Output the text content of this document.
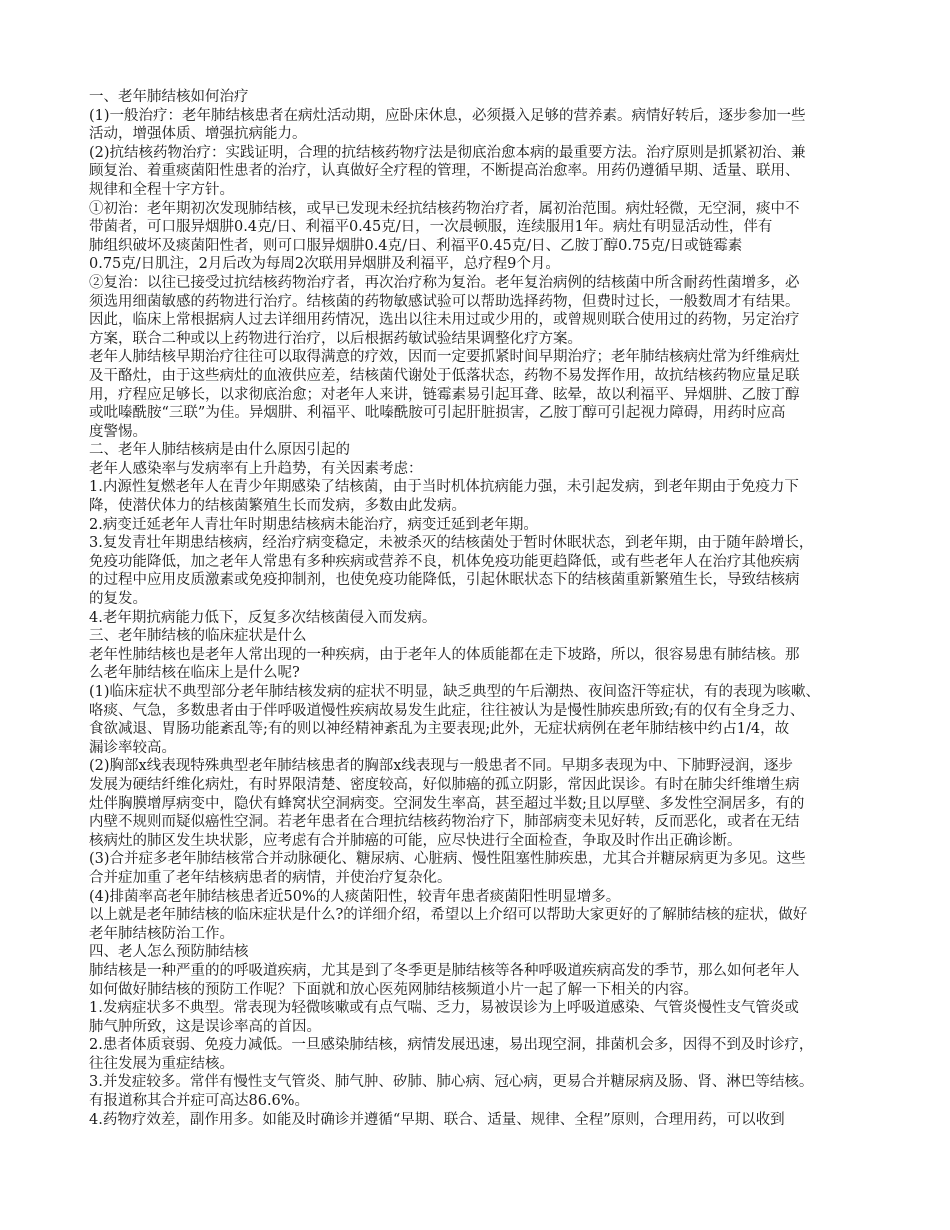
一、老年肺结核如何治疗
(1)一般治疗：老年肺结核患者在病灶活动期，应卧床休息，必须摄入足够的营养素。病情好转后，逐步参加一些
活动，增强体质、增强抗病能力。
(2)抗结核药物治疗：实践证明，合理的抗结核药物疗法是彻底治愈本病的最重要方法。治疗原则是抓紧初治、兼
顾复治、着重痰菌阳性患者的治疗，认真做好全疗程的管理，不断提高治愈率。用药仍遵循早期、适量、联用、
规律和全程十字方针。
①初治：老年期初次发现肺结核，或早已发现未经抗结核药物治疗者，属初治范围。病灶轻微，无空洞，痰中不
带菌者，可口服异烟肼0.4克/日、利福平0.45克/日，一次晨顿服，连续服用1年。病灶有明显活动性，伴有
肺组织破坏及痰菌阳性者，则可口服异烟肼0.4克/日、利福平0.45克/日、乙胺丁醇0.75克/日或链霉素
0.75克/日肌注，2月后改为每周2次联用异烟肼及利福平，总疗程9个月。
②复治：以往已接受过抗结核药物治疗者，再次治疗称为复治。老年复治病例的结核菌中所含耐药性菌增多，必
须选用细菌敏感的药物进行治疗。结核菌的药物敏感试验可以帮助选择药物，但费时过长，一般数周才有结果。
因此，临床上常根据病人过去详细用药情况，选出以往未用过或少用的，或曾规则联合使用过的药物，另定治疗
方案，联合二种或以上药物进行治疗，以后根据药敏试验结果调整化疗方案。
老年人肺结核早期治疗往往可以取得满意的疗效，因而一定要抓紧时间早期治疗；老年肺结核病灶常为纤维病灶
及干酪灶，由于这些病灶的血液供应差，结核菌代谢处于低落状态，药物不易发挥作用，故抗结核药物应量足联
用，疗程应足够长，以求彻底治愈；对老年人来讲，链霉素易引起耳聋、眩晕，故以利福平、异烟肼、乙胺丁醇
或吡嗪酰胺“三联”为佳。异烟肼、利福平、吡嗪酰胺可引起肝脏损害，乙胺丁醇可引起视力障碍，用药时应高
度警惕。
二、老年人肺结核病是由什么原因引起的
老年人感染率与发病率有上升趋势，有关因素考虑：
1.内源性复燃老年人在青少年期感染了结核菌，由于当时机体抗病能力强，未引起发病，到老年期由于免疫力下
降，使潜伏体力的结核菌繁殖生长而发病，多数由此发病。
2.病变迁延老年人青壮年时期患结核病未能治疗，病变迁延到老年期。
3.复发青壮年期患结核病，经治疗病变稳定，未被杀灭的结核菌处于暂时休眠状态，到老年期，由于随年龄增长，
免疫功能降低，加之老年人常患有多种疾病或营养不良，机体免疫功能更趋降低，或有些老年人在治疗其他疾病
的过程中应用皮质激素或免疫抑制剂，也使免疫功能降低，引起休眠状态下的结核菌重新繁殖生长，导致结核病
的复发。
4.老年期抗病能力低下，反复多次结核菌侵入而发病。
三、老年肺结核的临床症状是什么
老年性肺结核也是老年人常出现的一种疾病，由于老年人的体质能都在走下坡路，所以，很容易患有肺结核。那
么老年肺结核在临床上是什么呢?
(1)临床症状不典型部分老年肺结核发病的症状不明显，缺乏典型的午后潮热、夜间盗汗等症状，有的表现为咳嗽、
咯痰、气急，多数患者由于伴呼吸道慢性疾病故易发生此症，往往被认为是慢性肺疾患所致;有的仅有全身乏力、
食欲减退、胃肠功能紊乱等;有的则以神经精神紊乱为主要表现;此外，无症状病例在老年肺结核中约占1/4，故
漏诊率较高。
(2)胸部x线表现特殊典型老年肺结核患者的胸部x线表现与一般患者不同。早期多表现为中、下肺野浸润，逐步
发展为硬结纤维化病灶，有时界限清楚、密度较高，好似肺癌的孤立阴影，常因此误诊。有时在肺尖纤维增生病
灶伴胸膜增厚病变中，隐伏有蜂窝状空洞病变。空洞发生率高，甚至超过半数;且以厚壁、多发性空洞居多，有的
内壁不规则而疑似癌性空洞。若老年患者在合理抗结核药物治疗下，肺部病变未见好转，反而恶化，或者在无结
核病灶的肺区发生块状影，应考虑有合并肺癌的可能，应尽快进行全面检查，争取及时作出正确诊断。
(3)合并症多老年肺结核常合并动脉硬化、糖尿病、心脏病、慢性阻塞性肺疾患，尤其合并糖尿病更为多见。这些
合并症加重了老年结核病患者的病情，并使治疗复杂化。
(4)排菌率高老年肺结核患者近50%的人痰菌阳性，较青年患者痰菌阳性明显增多。
以上就是老年肺结核的临床症状是什么?的详细介绍，希望以上介绍可以帮助大家更好的了解肺结核的症状，做好
老年肺结核防治工作。
四、老人怎么预防肺结核
肺结核是一种严重的的呼吸道疾病，尤其是到了冬季更是肺结核等各种呼吸道疾病高发的季节，那么如何老年人
如何做好肺结核的预防工作呢？下面就和放心医苑网肺结核频道小片一起了解一下相关的内容。
1.发病症状多不典型。常表现为轻微咳嗽或有点气喘、乏力，易被误诊为上呼吸道感染、气管炎慢性支气管炎或
肺气肿所致，这是误诊率高的首因。
2.患者体质衰弱、免疫力减低。一旦感染肺结核，病情发展迅速，易出现空洞，排菌机会多，因得不到及时诊疗，
往往发展为重症结核。
3.并发症较多。常伴有慢性支气管炎、肺气肿、矽肺、肺心病、冠心病，更易合并糖尿病及肠、肾、淋巴等结核。
有报道称其合并症可高达86.6%。
4.药物疗效差，副作用多。如能及时确诊并遵循“早期、联合、适量、规律、全程”原则，合理用药，可以收到
